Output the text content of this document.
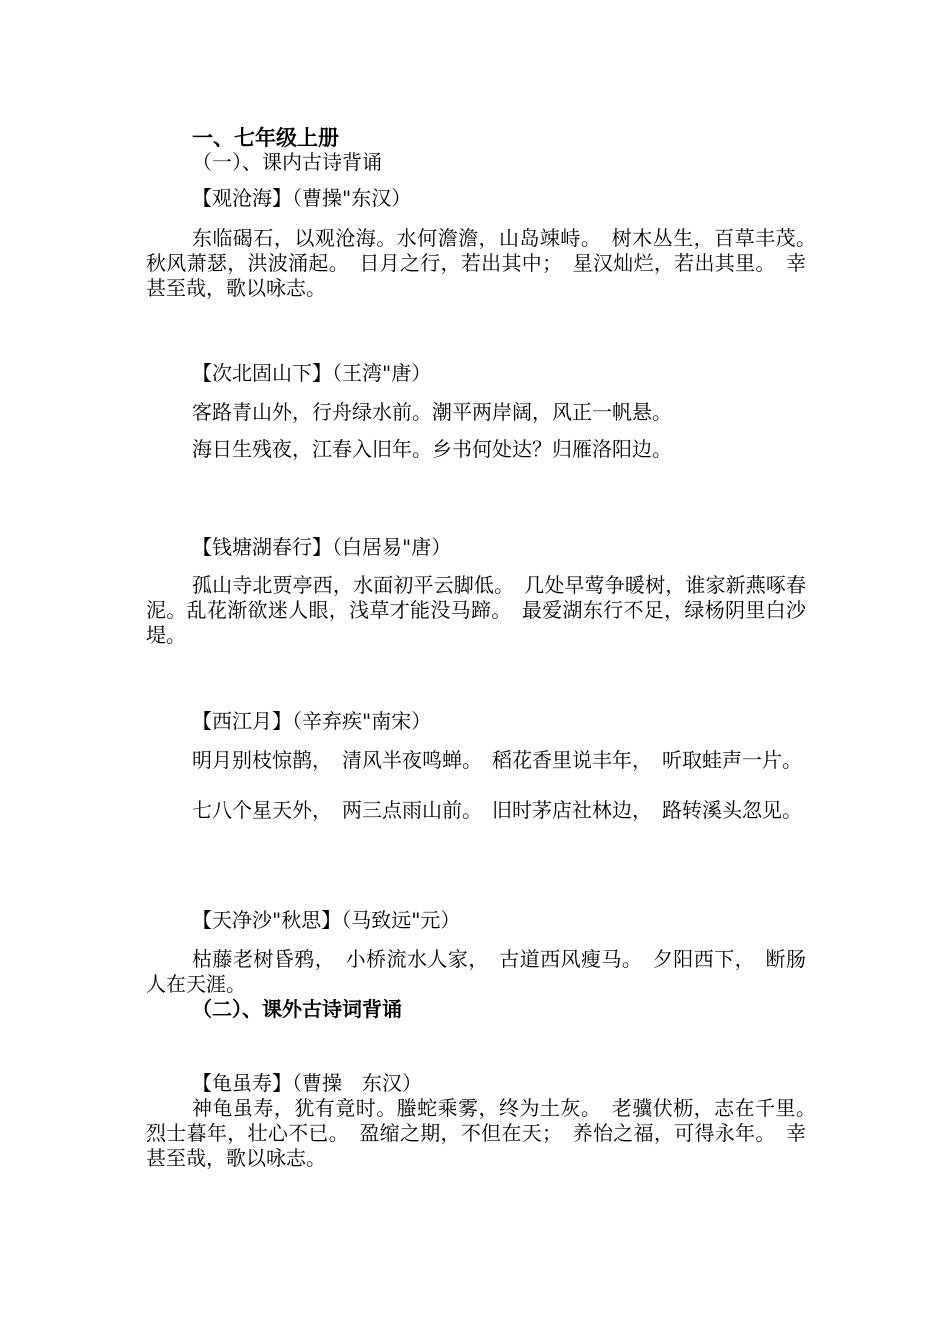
一、七年级上册
（一）、课内古诗背诵
【观沧海】（曹操"东汉）
东临碣石，以观沧海。水何澹澹，山岛竦峙。　树木丛生，百草丰茂。　秋风萧瑟，洪波涌起。　日月之行，若出其中；　星汉灿烂，若出其里。　幸甚至哉，歌以咏志。
【次北固山下】（王湾"唐）
客路青山外，行舟绿水前。潮平两岸阔，风正一帆悬。
海日生残夜，江春入旧年。乡书何处达？归雁洛阳边。
【钱塘湖春行】（白居易"唐）
孤山寺北贾亭西，水面初平云脚低。　几处早莺争暖树，谁家新燕啄春泥。乱花渐欲迷人眼，浅草才能没马蹄。　最爱湖东行不足，绿杨阴里白沙堤。
【西江月】（辛弃疾"南宋）
明月别枝惊鹊，　清风半夜鸣蝉。　稻花香里说丰年，　听取蛙声一片。
七八个星天外，　两三点雨山前。　旧时茅店社林边，　路转溪头忽见。
【天净沙"秋思】（马致远"元）
枯藤老树昏鸦，　小桥流水人家，　古道西风瘦马。　夕阳西下，　断肠人在天涯。
（二）、课外古诗词背诵
【龟虽寿】（曹操　东汉）
神龟虽寿，犹有竟时。螣蛇乘雾，终为土灰。　老骥伏枥，志在千里。　烈士暮年，壮心不已。　盈缩之期，不但在天；　养怡之福，可得永年。　幸甚至哉，歌以咏志。
